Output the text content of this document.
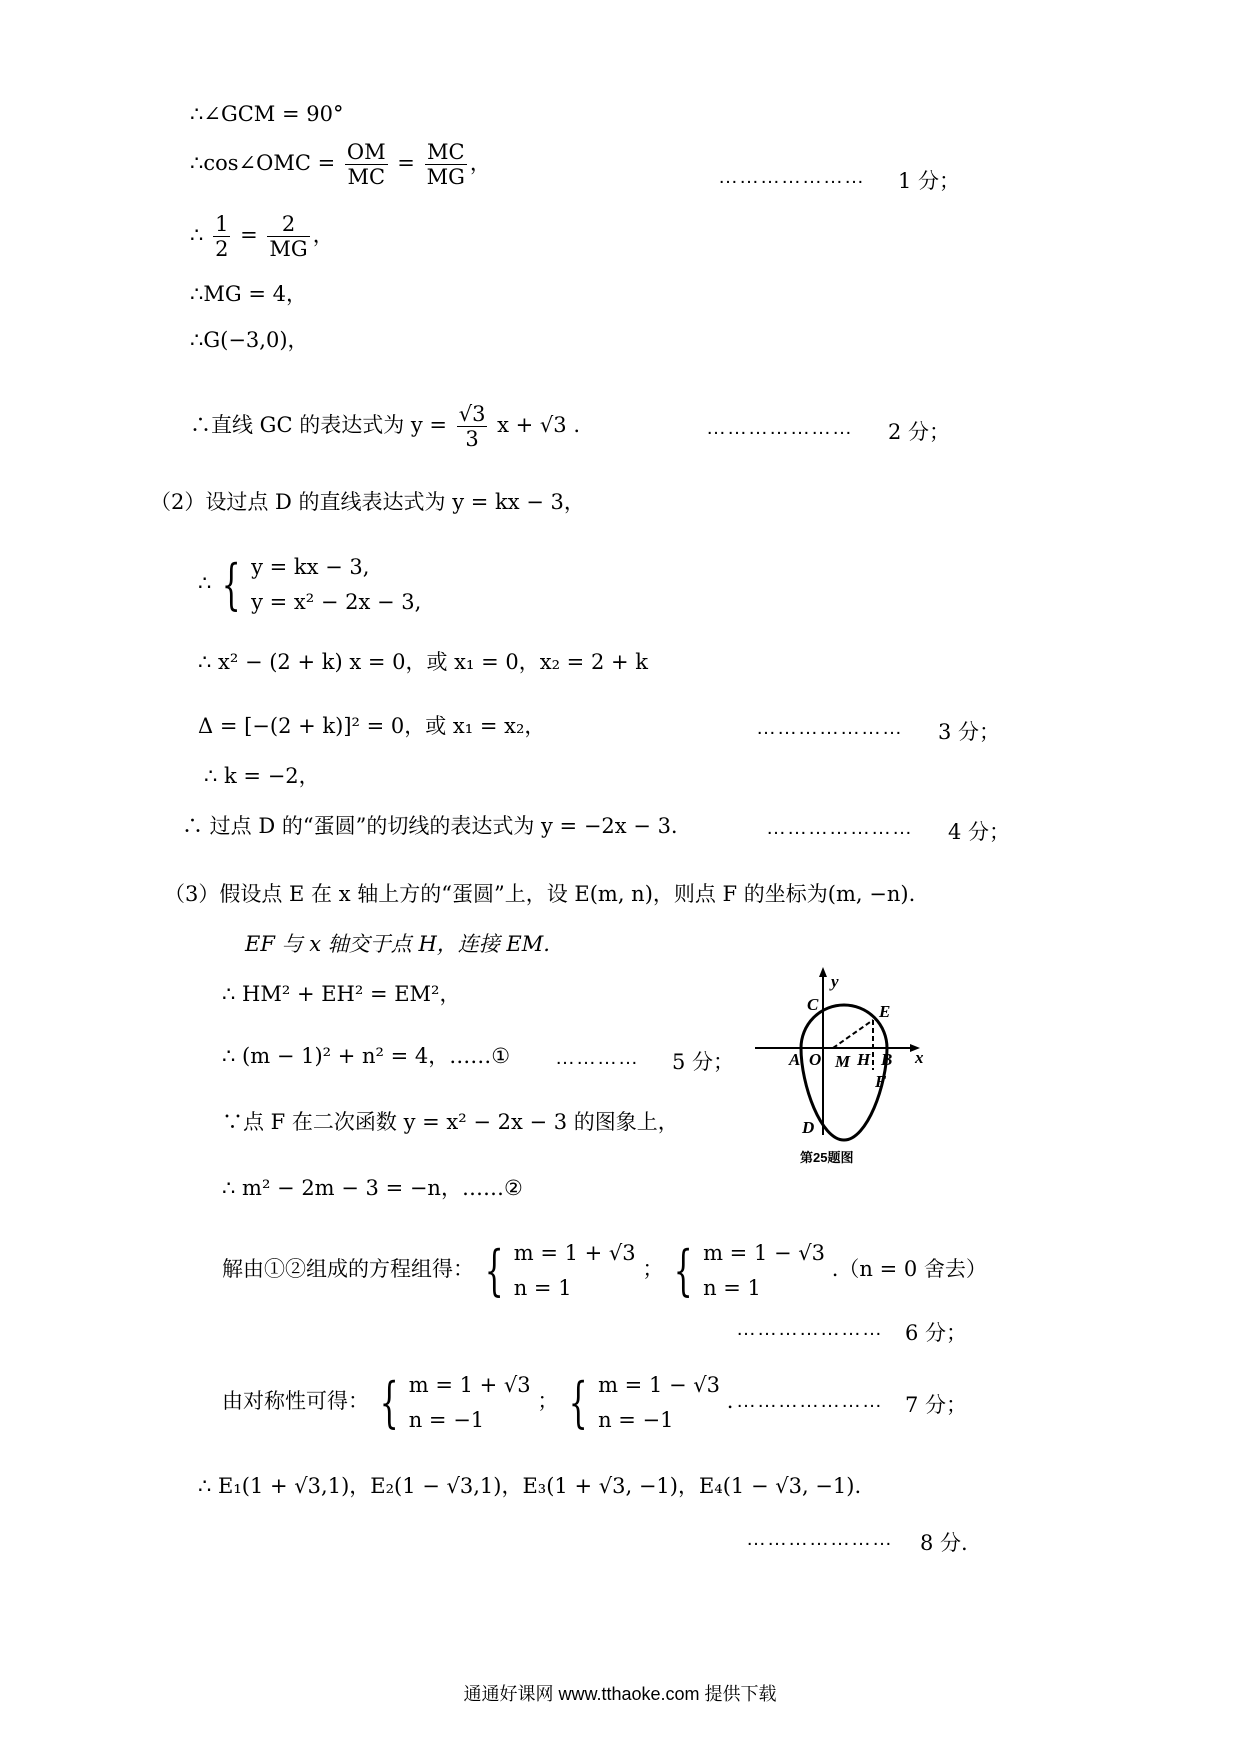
∴∠GCM = 90°
∴cos∠OMC = $\frac{OM}{MC} = \frac{MC}{MG}$ ，
………………… 1 分；
∴ $\frac{1}{2} = \frac{2}{MG}$ ，
∴MG = 4，
∴G(−3,0)，
∴直线 GC 的表达式为 $y = \frac{√3}{3}$ x + √3 .	………………… 2 分；
（2）设过点 D 的直线表达式为 y = kx − 3，
∴ { y = kx − 3,
y = x² − 2x − 3,
∴ x² − (2 + k) x = 0，或 x₁ = 0，x₂ = 2 + k
Δ = [−(2 + k)]² = 0，或 x₁ = x₂，	………………… 3 分；
∴ k = −2，
∴ 过点 D 的“蛋圆”的切线的表达式为 y = −2x − 3.	………………… 4 分；
（3）假设点 E 在 x 轴上方的“蛋圆”上，设 E(m, n)，则点 F 的坐标为(m, −n).
EF 与 x 轴交于点 H，连接 EM.
∴ HM² + EH² = EM²，
∴ (m − 1)² + n² = 4，……① ………… 5 分；
∵点 F 在二次函数 y = x² − 2x − 3 的图象上，
∴ m² − 2m − 3 = −n，……②
解由①②组成的方程组得： { m = 1 + √3
n = 1
； { m = 1 − √3
n = 1
.（n = 0 舍去）
………………… 6 分；
由对称性可得： { m = 1 + √3
n = −1
； { m = 1 − √3
n = −1
. ………………… 7 分；
∴ E₁(1 + √3,1)，E₂(1 − √3,1)，E₃(1 + √3, −1)，E₄(1 − √3, −1).
………………… 8 分.
y
x
C	E
A O M H B
F
D
第25题图
通通好课网 www.tthaoke.com 提供下载
